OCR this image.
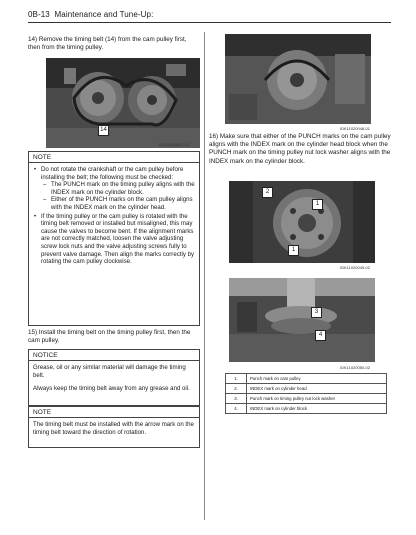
0B-13 Maintenance and Tune-Up:
14) Remove the timing belt (14) from the cam pulley first, then from the timing pulley.
14
IDK11020047-01
NOTE
• Do not rotate the crankshaft or the cam pulley before installing the belt; the following must be checked:
– The PUNCH mark on the timing pulley aligns with the INDEX mark on the cylinder block.
– Either of the PUNCH marks on the cam pulley aligns with the INDEX mark on the cylinder head.
• If the timing pulley or the cam pulley is rotated with the timing belt removed or installed but misaligned, this may cause the valves to become bent. If the alignment marks are not correctly matched, loosen the valve adjusting screw lock nuts and the valve adjusting screws fully to prevent valve damage. Then align the marks correctly by rotating the cam pulley clockwise.
15) Install the timing belt on the timing pulley first, then the cam pulley.
NOTICE

Grease, oil or any similar material will damage the timing belt.

Always keep the timing belt away from any grease and oil.

NOTE

The timing belt must be installed with the arrow mark on the timing belt toward the direction of rotation.

IDK11020048-01
16) Make sure that either of the PUNCH marks on the cam pulley aligns with the INDEX mark on the cylinder head block when the PUNCH mark on the timing pulley nut lock washer aligns with the INDEX mark on the cylinder block.
2
1
1
IDK11020049-02
3
4
IDK11020050-02
1.	Punch mark on cam pulley
2.	INDEX mark on cylinder head
3.	Punch mark on timing pulley nut lock washer
4.	INDEX mark on cylinder block
